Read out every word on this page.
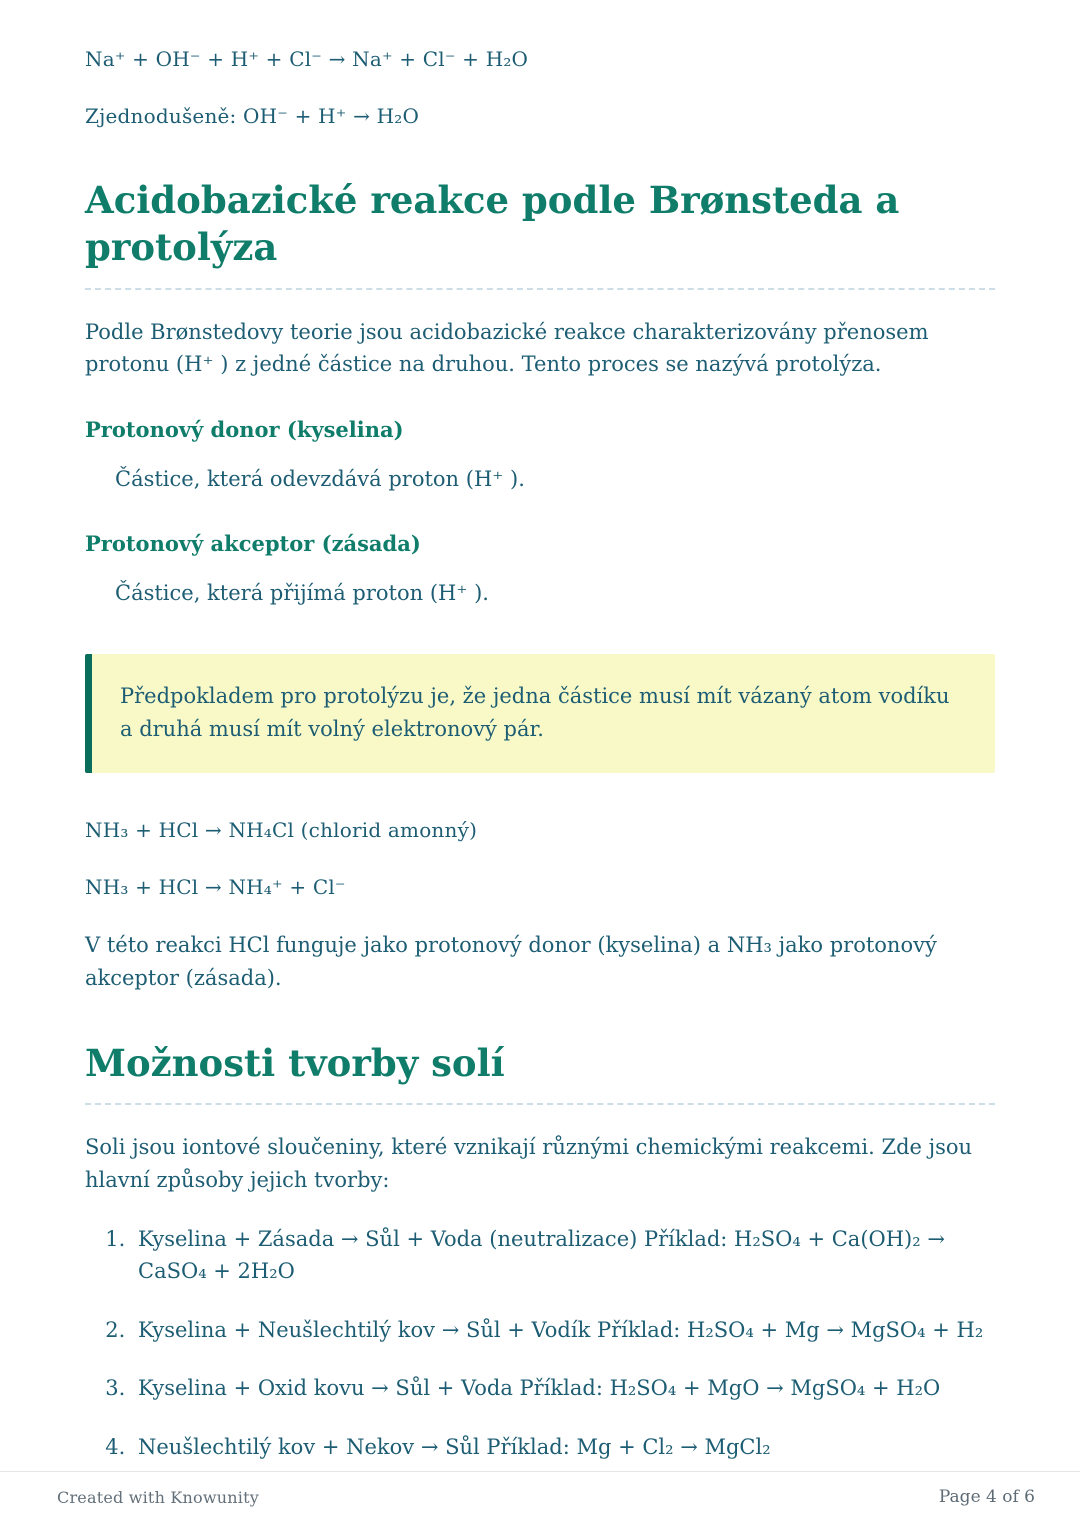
Na⁺ + OH⁻ + H⁺ + Cl⁻ → Na⁺ + Cl⁻ + H₂O

Zjednodušeně: OH⁻ + H⁺ → H₂O

Acidobazické reakce podle Brønsteda a protolýza

Podle Brønstedovy teorie jsou acidobazické reakce charakterizovány přenosem protonu (H⁺ ) z jedné částice na druhou. Tento proces se nazývá protolýza.

Protonový donor (kyselina)

Částice, která odevzdává proton (H⁺ ).

Protonový akceptor (zásada)

Částice, která přijímá proton (H⁺ ).

Předpokladem pro protolýzu je, že jedna částice musí mít vázaný atom vodíku a druhá musí mít volný elektronový pár.

NH₃ + HCl → NH₄Cl (chlorid amonný)

NH₃ + HCl → NH₄⁺ + Cl⁻

V této reakci HCl funguje jako protonový donor (kyselina) a NH₃ jako protonový akceptor (zásada).

Možnosti tvorby solí

Soli jsou iontové sloučeniny, které vznikají různými chemickými reakcemi. Zde jsou hlavní způsoby jejich tvorby:

1. Kyselina + Zásada → Sůl + Voda (neutralizace) Příklad: H₂SO₄ + Ca(OH)₂ → CaSO₄ + 2H₂O
2. Kyselina + Neušlechtilý kov → Sůl + Vodík Příklad: H₂SO₄ + Mg → MgSO₄ + H₂
3. Kyselina + Oxid kovu → Sůl + Voda Příklad: H₂SO₄ + MgO → MgSO₄ + H₂O
4. Neušlechtilý kov + Nekov → Sůl Příklad: Mg + Cl₂ → MgCl₂
Created with Knowunity	Page 4 of 6
